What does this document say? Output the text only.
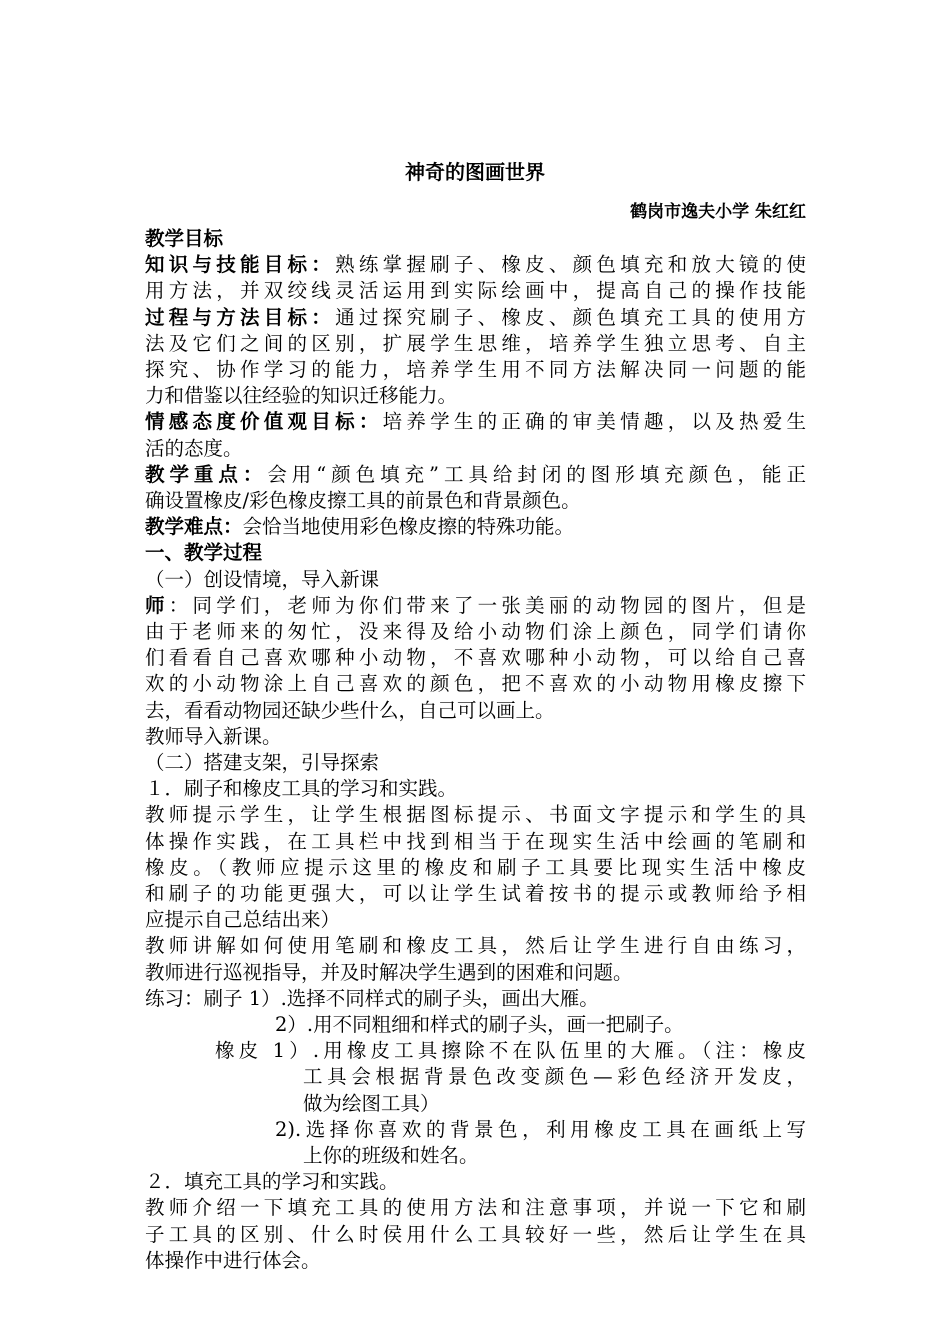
神奇的图画世界
鹤岗市逸夫小学 朱红红
教学目标
知识与技能目标：熟练掌握刷子、橡皮、颜色填充和放大镜的使
用方法，并双绞线灵活运用到实际绘画中，提高自己的操作技能
过程与方法目标：通过探究刷子、橡皮、颜色填充工具的使用方
法及它们之间的区别，扩展学生思维，培养学生独立思考、自主
探究、协作学习的能力，培养学生用不同方法解决同一问题的能
力和借鉴以往经验的知识迁移能力。
情感态度价值观目标：培养学生的正确的审美情趣，以及热爱生
活的态度。
教学重点：会用“颜色填充”工具给封闭的图形填充颜色，能正
确设置橡皮/彩色橡皮擦工具的前景色和背景颜色。
教学难点：会恰当地使用彩色橡皮擦的特殊功能。
一、教学过程
（一）创设情境，导入新课
师：同学们，老师为你们带来了一张美丽的动物园的图片，但是
由于老师来的匆忙，没来得及给小动物们涂上颜色，同学们请你
们看看自己喜欢哪种小动物，不喜欢哪种小动物，可以给自己喜
欢的小动物涂上自己喜欢的颜色，把不喜欢的小动物用橡皮擦下
去，看看动物园还缺少些什么，自己可以画上。
教师导入新课。
（二）搭建支架，引导探索
１．刷子和橡皮工具的学习和实践。
教师提示学生，让学生根据图标提示、书面文字提示和学生的具
体操作实践，在工具栏中找到相当于在现实生活中绘画的笔刷和
橡皮。（教师应提示这里的橡皮和刷子工具要比现实生活中橡皮
和刷子的功能更强大，可以让学生试着按书的提示或教师给予相
应提示自己总结出来）
教师讲解如何使用笔刷和橡皮工具，然后让学生进行自由练习，
教师进行巡视指导，并及时解决学生遇到的困难和问题。
练习：刷子 1）.选择不同样式的刷子头，画出大雁。
2）.用不同粗细和样式的刷子头，画一把刷子。
橡皮 1）.用橡皮工具擦除不在队伍里的大雁。（注：橡皮
工具会根据背景色改变颜色—彩色经济开发皮，
做为绘图工具）
2).选择你喜欢的背景色，利用橡皮工具在画纸上写
上你的班级和姓名。
２．填充工具的学习和实践。
教师介绍一下填充工具的使用方法和注意事项，并说一下它和刷
子工具的区别、什么时侯用什么工具较好一些，然后让学生在具
体操作中进行体会。
